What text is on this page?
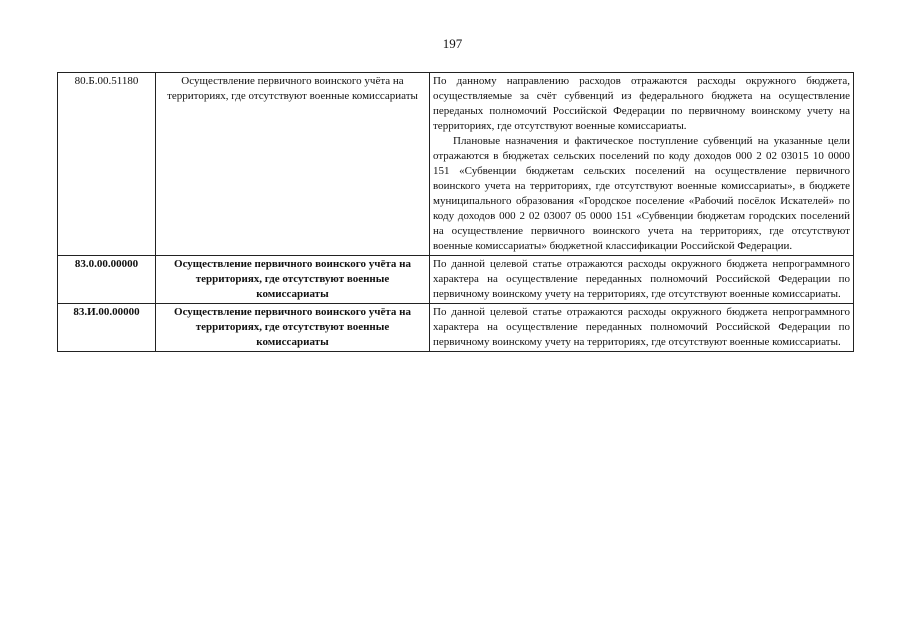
197
80.Б.00.51180	Осуществление первичного воинского учёта на территориях, где отсутствуют военные комиссариаты	По данному направлению расходов отражаются расходы окружного бюджета, осуществляемые за счёт субвенций из федерального бюджета на осуществление переданых полномочий Российской Федерации по первичному воинскому учету на территориях, где отсутствуют военные комиссариаты.
Плановые назначения и фактическое поступление субвенций на указанные цели отражаются в бюджетах сельских поселений по коду доходов 000 2 02 03015 10 0000 151 «Субвенции бюджетам сельских поселений на осуществление первичного воинского учета на территориях, где отсутствуют военные комиссариаты», в бюджете муниципального образования «Городское поселение «Рабочий посёлок Искателей» по коду доходов 000 2 02 03007 05 0000 151 «Субвенции бюджетам городских поселений на осуществление первичного воинского учета на территориях, где отсутствуют военные комиссариаты» бюджетной классификации Российской Федерации.

83.0.00.00000	Осуществление первичного воинского учёта на территориях, где отсутствуют военные комиссариаты	По данной целевой статье отражаются расходы окружного бюджета непрограммного характера на осуществление переданных полномочий Российской Федерации по первичному воинскому учету на территориях, где отсутствуют военные комиссариаты.

83.И.00.00000	Осуществление первичного воинского учёта на территориях, где отсутствуют военные комиссариаты	По данной целевой статье отражаются расходы окружного бюджета непрограммного характера на осуществление переданных полномочий Российской Федерации по первичному воинскому учету на территориях, где отсутствуют военные комиссариаты.
